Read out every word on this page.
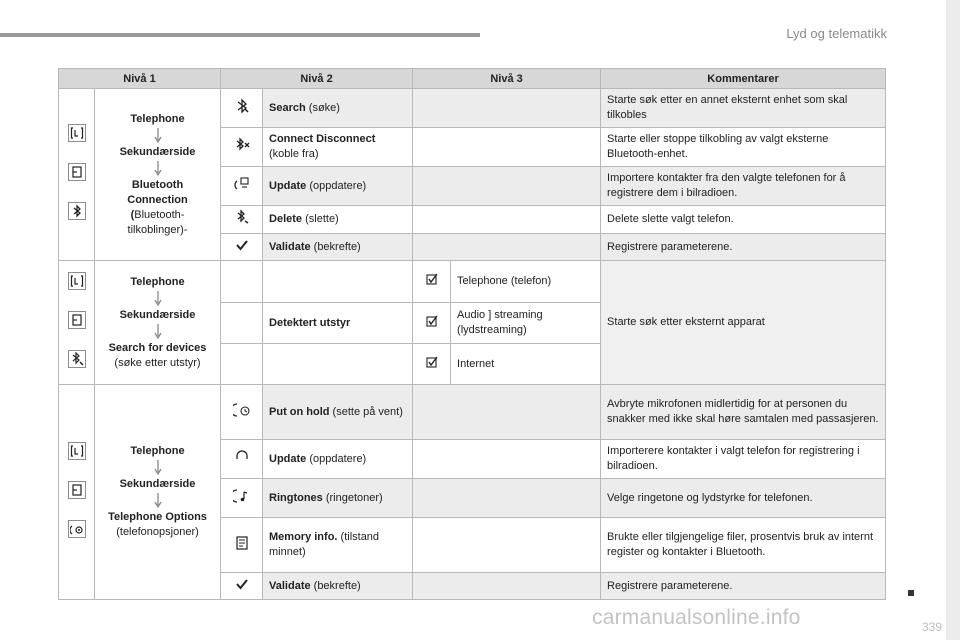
Lyd og telematikk
Nivå 1		Nivå 2		Nivå 3		Kommentarer

Telephone
Sekundærside
Bluetooth Connection
(Bluetooth-tilkoblinger)-		Search (søke)			Starte søk etter en annet eksternt enhet som skal tilkobles
	Connect Disconnect
(koble fra)			Starte eller stoppe tilkobling av valgt eksterne Bluetooth-enhet.
	Update (oppdatere)			Importere kontakter fra den valgte telefonen for å registrere dem i bilradioen.
	Delete (slette)			Delete slette valgt telefon.
	Validate (bekrefte)			Registrere parameterene.

Telephone
Sekundærside
Search for devices
(søke etter utstyr)				Telephone (telefon)	Starte søk etter eksternt apparat
			Detektert utstyr		Audio ] streaming (lydstreaming)	
			Internet	

Telephone
Sekundærside
Telephone Options
(telefonopsjoner)		Put on hold (sette på vent)			Avbryte mikrofonen midlertidig for at personen du snakker med ikke skal høre samtalen med passasjeren.
	Update (oppdatere)			Importerere kontakter i valgt telefon for registrering i bilradioen.
	Ringtones (ringetoner)			Velge ringetone og lydstyrke for telefonen.
	Memory info. (tilstand minnet)			Brukte eller tilgjengelige filer, prosentvis bruk av internt register og kontakter i Bluetooth.
	Validate (bekrefte)			Registrere parameterene.
carmanualsonline.info	339
